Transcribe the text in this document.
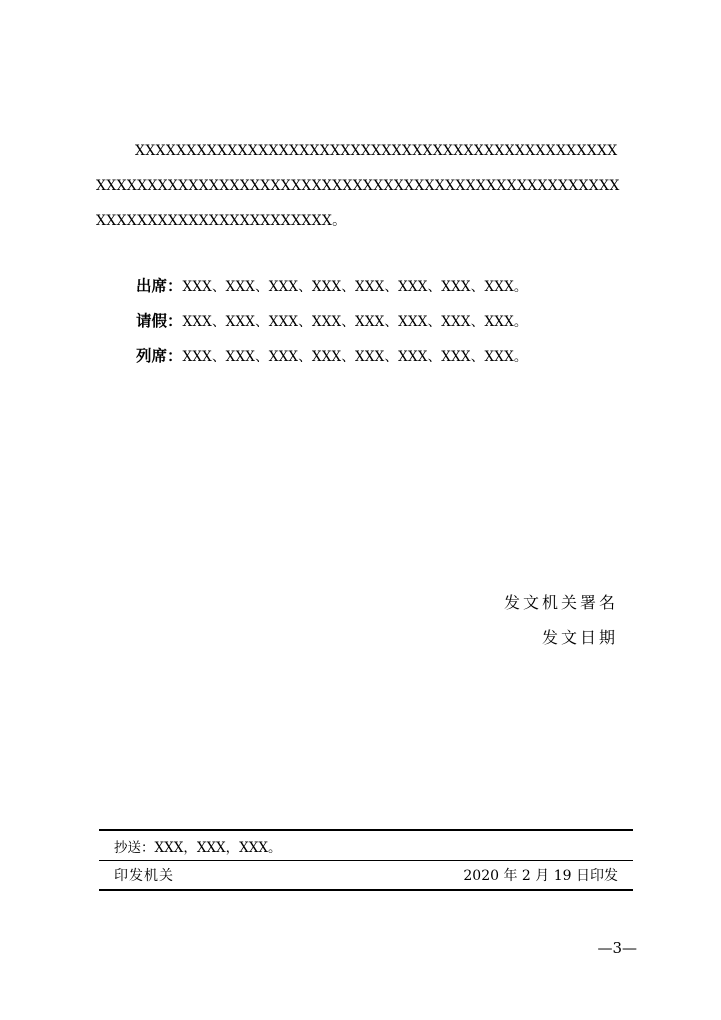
XXXXXXXXXXXXXXXXXXXXXXXXXXXXXXXXXXXXXXXXXXXXXXXXXXXXXXXXXXXXXXXXXXXXXXXXXXXXXXXXXXXXXXXXXXXXXXXXXXXXXXXXXXXXXXXXXXXXXXXXX。

出席：XXX、XXX、XXX、XXX、XXX、XXX、XXX、XXX。
请假：XXX、XXX、XXX、XXX、XXX、XXX、XXX、XXX。
列席：XXX、XXX、XXX、XXX、XXX、XXX、XXX、XXX。
发文机关署名
发文日期
抄送：XXX，XXX，XXX。
印发机关	2020 年 2 月 19 日印发
—3—
